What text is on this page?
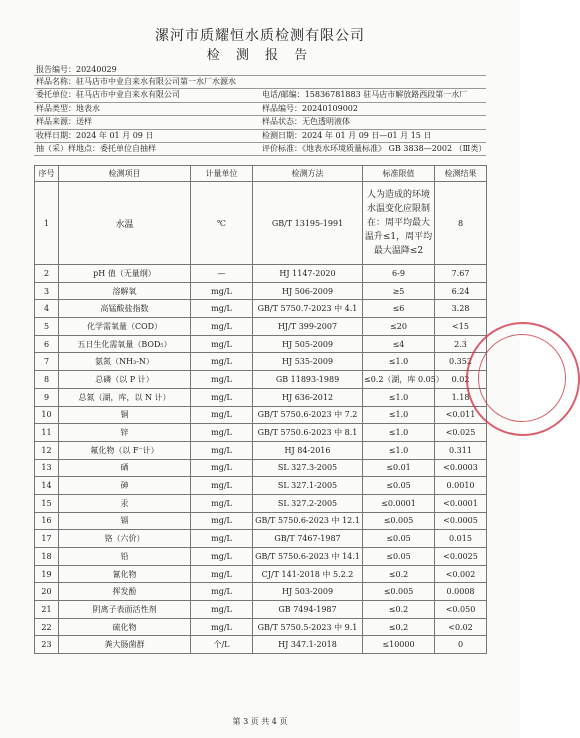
漯河市质耀恒水质检测有限公司
检 测 报 告
报告编号：20240029
样品名称：驻马店市中业自来水有限公司第一水厂水源水
委托单位：驻马店市中业自来水有限公司	电话/邮编：15836781883 驻马店市解放路西段第一水厂
样品类型：地表水	样品编号：20240109002
样品来源：送样	样品状态：无色透明液体
收样日期：2024 年 01 月 09 日	检测日期：2024 年 01 月 09 日—01 月 15 日
抽（采）样地点：委托单位自抽样	评价标准：《地表水环境质量标准》 GB 3838—2002 （Ⅲ类）
序号	检测项目	计量单位	检测方法	标准限值	检测结果
1	水温	℃	GB/T 13195-1991	人为造成的环境水温变化应限制在：周平均最大温升≤1，周平均最大温降≤2	8
2	pH 值（无量纲）	—	HJ 1147-2020	6-9	7.67
3	溶解氧	mg/L	HJ 506-2009	≥5	6.24
4	高锰酸盐指数	mg/L	GB/T 5750.7-2023 中 4.1	≤6	3.28
5	化学需氧量（COD）	mg/L	HJ/T 399-2007	≤20	<15
6	五日生化需氧量（BOD₅）	mg/L	HJ 505-2009	≤4	2.3
7	氨氮（NH₃-N）	mg/L	HJ 535-2009	≤1.0	0.352
8	总磷（以 P 计）	mg/L	GB 11893-1989	≤0.2（湖，库 0.05）	0.02
9	总氮（湖，库，以 N 计）	mg/L	HJ 636-2012	≤1.0	1.18
10	铜	mg/L	GB/T 5750.6-2023 中 7.2	≤1.0	<0.011
11	锌	mg/L	GB/T 5750.6-2023 中 8.1	≤1.0	<0.025
12	氟化物（以 F⁻计）	mg/L	HJ 84-2016	≤1.0	0.311
13	硒	mg/L	SL 327.3-2005	≤0.01	<0.0003
14	砷	mg/L	SL 327.1-2005	≤0.05	0.0010
15	汞	mg/L	SL 327.2-2005	≤0.0001	<0.0001
16	镉	mg/L	GB/T 5750.6-2023 中 12.1	≤0.005	<0.0005
17	铬（六价）	mg/L	GB/T 7467-1987	≤0.05	0.015
18	铅	mg/L	GB/T 5750.6-2023 中 14.1	≤0.05	<0.0025
19	氰化物	mg/L	CJ/T 141-2018 中 5.2.2	≤0.2	<0.002
20	挥发酚	mg/L	HJ 503-2009	≤0.005	0.0008
21	阴离子表面活性剂	mg/L	GB 7494-1987	≤0.2	<0.050
22	硫化物	mg/L	GB/T 5750.5-2023 中 9.1	≤0.2	<0.02
23	粪大肠菌群	个/L	HJ 347.1-2018	≤10000	0
第 3 页 共 4 页
